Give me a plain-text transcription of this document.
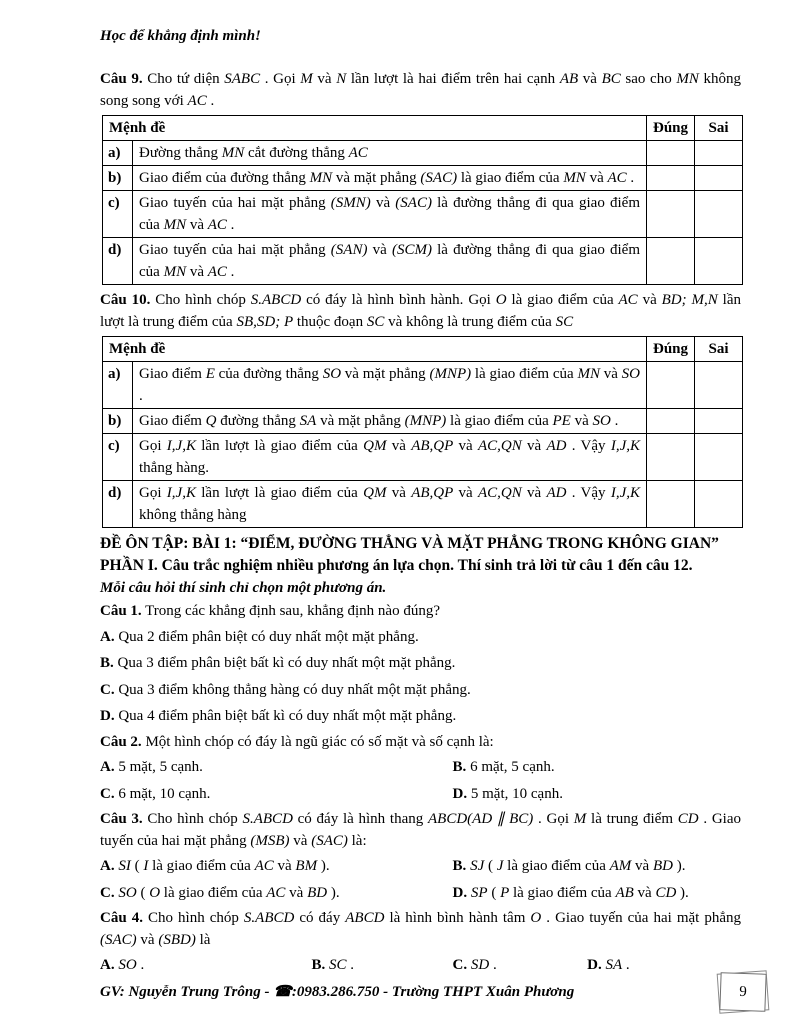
Học để khẳng định mình!

Câu 9. Cho tứ diện SABC . Gọi M và N lần lượt là hai điểm trên hai cạnh AB và BC sao cho MN không song song với AC .

Mệnh đề		Đúng	Sai
a)	Đường thẳng MN cắt đường thẳng AC		
b)	Giao điểm của đường thẳng MN và mặt phẳng (SAC) là giao điểm của MN và AC .		
c)	Giao tuyến của hai mặt phẳng (SMN) và (SAC) là đường thẳng đi qua giao điểm của MN và AC .		
d)	Giao tuyến của hai mặt phẳng (SAN) và (SCM) là đường thẳng đi qua giao điểm của MN và AC .		

Câu 10. Cho hình chóp S.ABCD có đáy là hình bình hành. Gọi O là giao điểm của AC và BD; M,N lần lượt là trung điểm của SB,SD; P thuộc đoạn SC và không là trung điểm của SC

Mệnh đề		Đúng	Sai
a)	Giao điểm E của đường thẳng SO và mặt phẳng (MNP) là giao điểm của MN và SO .		
b)	Giao điểm Q đường thẳng SA và mặt phẳng (MNP) là giao điểm của PE và SO .		
c)	Gọi I,J,K lần lượt là giao điểm của QM và AB,QP và AC,QN và AD . Vậy I,J,K thẳng hàng.		
d)	Gọi I,J,K lần lượt là giao điểm của QM và AB,QP và AC,QN và AD . Vậy I,J,K không thẳng hàng		
ĐỀ ÔN TẬP: BÀI 1: “ĐIỂM, ĐƯỜNG THẲNG VÀ MẶT PHẲNG TRONG KHÔNG GIAN”
PHẦN I. Câu trắc nghiệm nhiều phương án lựa chọn. Thí sinh trả lời từ câu 1 đến câu 12.
Mỗi câu hỏi thí sinh chỉ chọn một phương án.

Câu 1. Trong các khẳng định sau, khẳng định nào đúng?

A. Qua 2 điểm phân biệt có duy nhất một mặt phẳng.
B. Qua 3 điểm phân biệt bất kì có duy nhất một mặt phẳng.
C. Qua 3 điểm không thẳng hàng có duy nhất một mặt phẳng.
D. Qua 4 điểm phân biệt bất kì có duy nhất một mặt phẳng.

Câu 2. Một hình chóp có đáy là ngũ giác có số mặt và số cạnh là:

A. 5 mặt, 5 cạnh.	B. 6 mặt, 5 cạnh.
C. 6 mặt, 10 cạnh.	D. 5 mặt, 10 cạnh.

Câu 3. Cho hình chóp S.ABCD có đáy là hình thang ABCD(AD ∥ BC) . Gọi M là trung điểm CD . Giao tuyến của hai mặt phẳng (MSB) và (SAC) là:

A. SI ( I là giao điểm của AC và BM ).	B. SJ ( J là giao điểm của AM và BD ).
C. SO ( O là giao điểm của AC và BD ).	D. SP ( P là giao điểm của AB và CD ).

Câu 4. Cho hình chóp S.ABCD có đáy ABCD là hình bình hành tâm O . Giao tuyến của hai mặt phẳng (SAC) và (SBD) là

A. SO .	B. SC .	C. SD .	D. SA .
GV: Nguyễn Trung Trông - ☎:0983.286.750 - Trường THPT Xuân Phương	9
